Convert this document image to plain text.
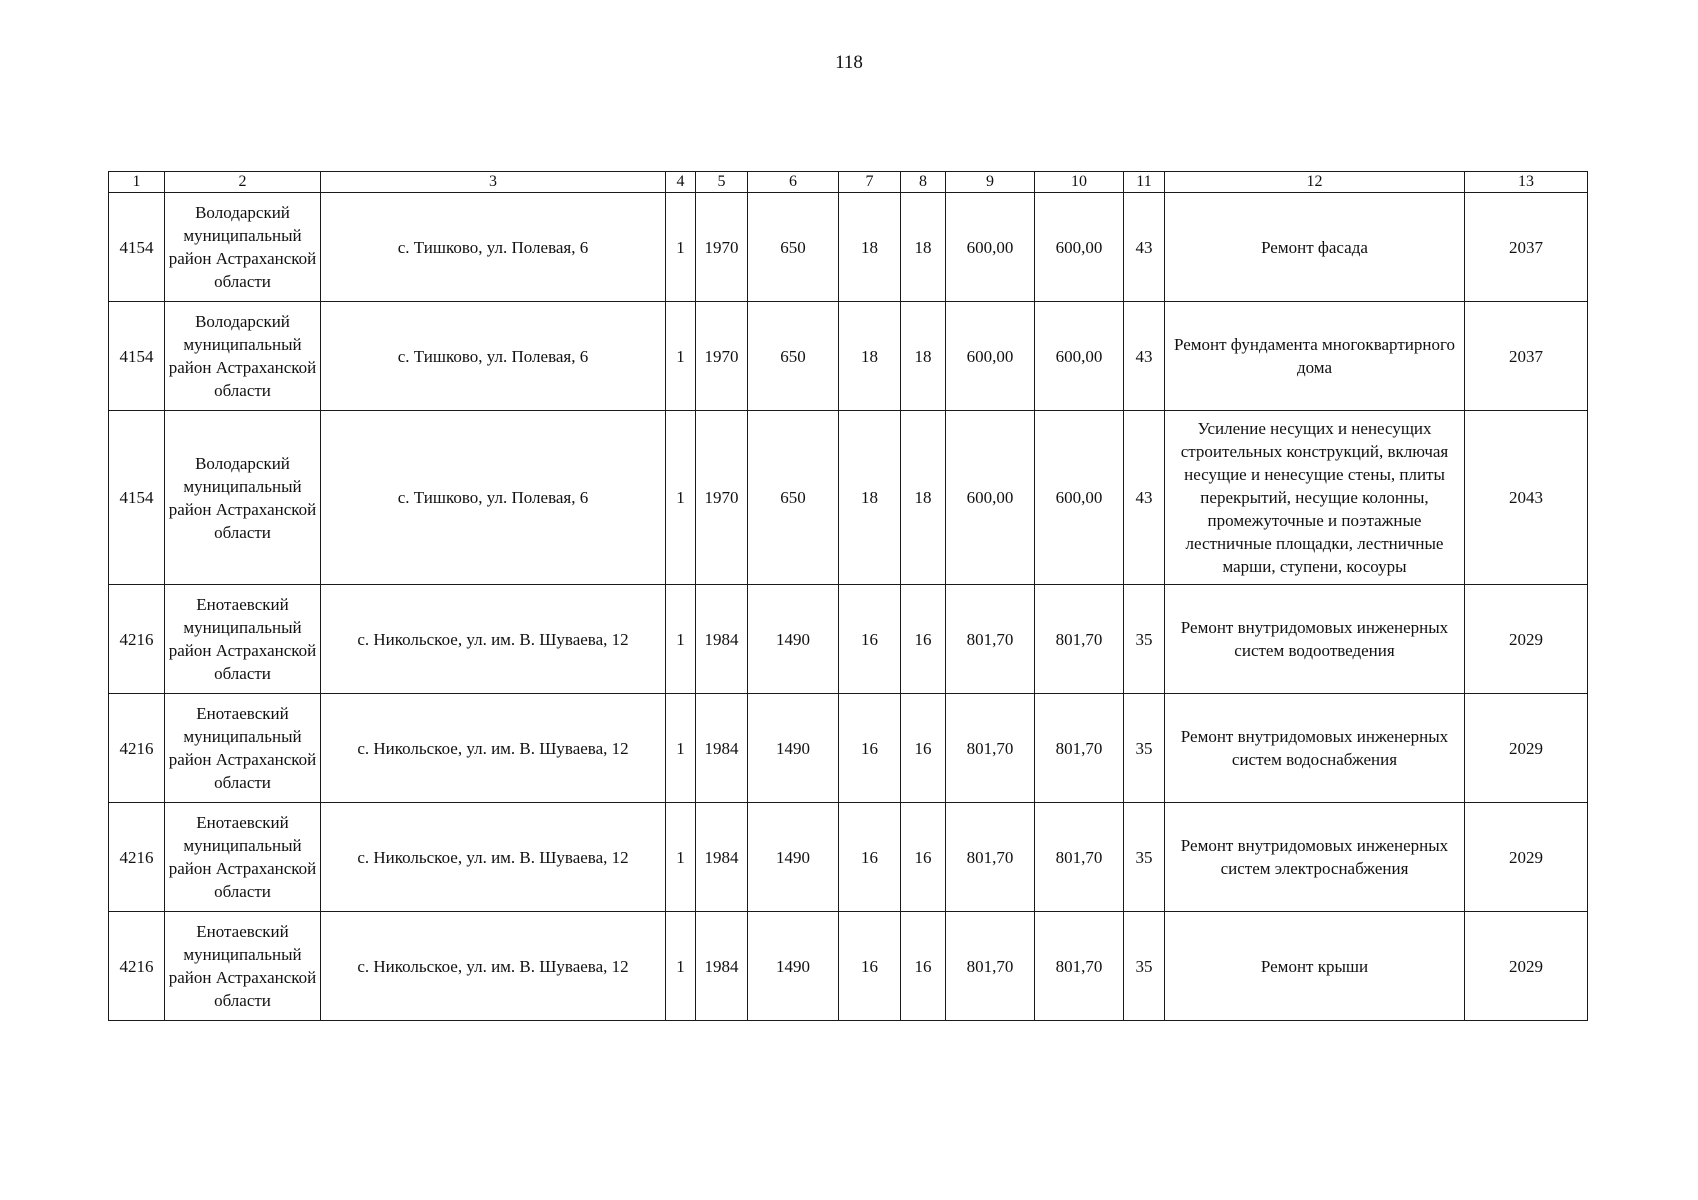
118
1	2	3	4	5	6	7	8	9	10	11	12	13
4154	Володарский муниципальный район Астраханской области	с. Тишково, ул. Полевая, 6	1	1970	650	18	18	600,00	600,00	43	Ремонт фасада	2037
4154	Володарский муниципальный район Астраханской области	с. Тишково, ул. Полевая, 6	1	1970	650	18	18	600,00	600,00	43	Ремонт фундамента многоквартирного дома	2037
4154	Володарский муниципальный район Астраханской области	с. Тишково, ул. Полевая, 6	1	1970	650	18	18	600,00	600,00	43	Усиление несущих и ненесущих строительных конструкций, включая несущие и ненесущие стены, плиты перекрытий, несущие колонны, промежуточные и поэтажные лестничные площадки, лестничные марши, ступени, косоуры	2043
4216	Енотаевский муниципальный район Астраханской области	с. Никольское, ул. им. В. Шуваева, 12	1	1984	1490	16	16	801,70	801,70	35	Ремонт внутридомовых инженерных систем водоотведения	2029
4216	Енотаевский муниципальный район Астраханской области	с. Никольское, ул. им. В. Шуваева, 12	1	1984	1490	16	16	801,70	801,70	35	Ремонт внутридомовых инженерных систем водоснабжения	2029
4216	Енотаевский муниципальный район Астраханской области	с. Никольское, ул. им. В. Шуваева, 12	1	1984	1490	16	16	801,70	801,70	35	Ремонт внутридомовых инженерных систем электроснабжения	2029
4216	Енотаевский муниципальный район Астраханской области	с. Никольское, ул. им. В. Шуваева, 12	1	1984	1490	16	16	801,70	801,70	35	Ремонт крыши	2029
